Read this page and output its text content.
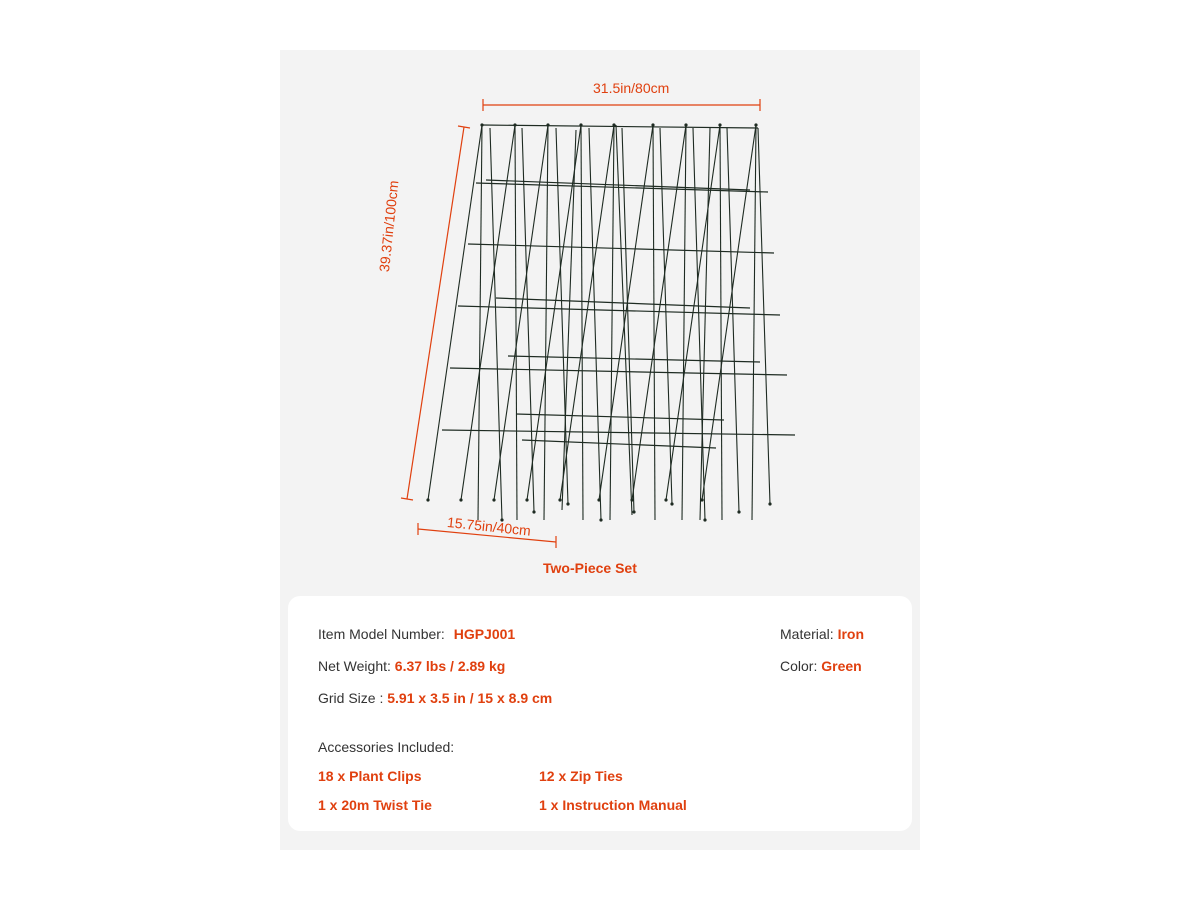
31.5in/80cm
39.37in/100cm
15.75in/40cm
Two-Piece Set
Item Model Number: HGPJ001
Net Weight: 6.37 lbs / 2.89 kg
Grid Size : 5.91 x 3.5 in / 15 x 8.9 cm
Material: Iron
Color: Green
Accessories Included:
18 x Plant Clips	12 x Zip Ties
1 x 20m Twist Tie	1 x Instruction Manual
